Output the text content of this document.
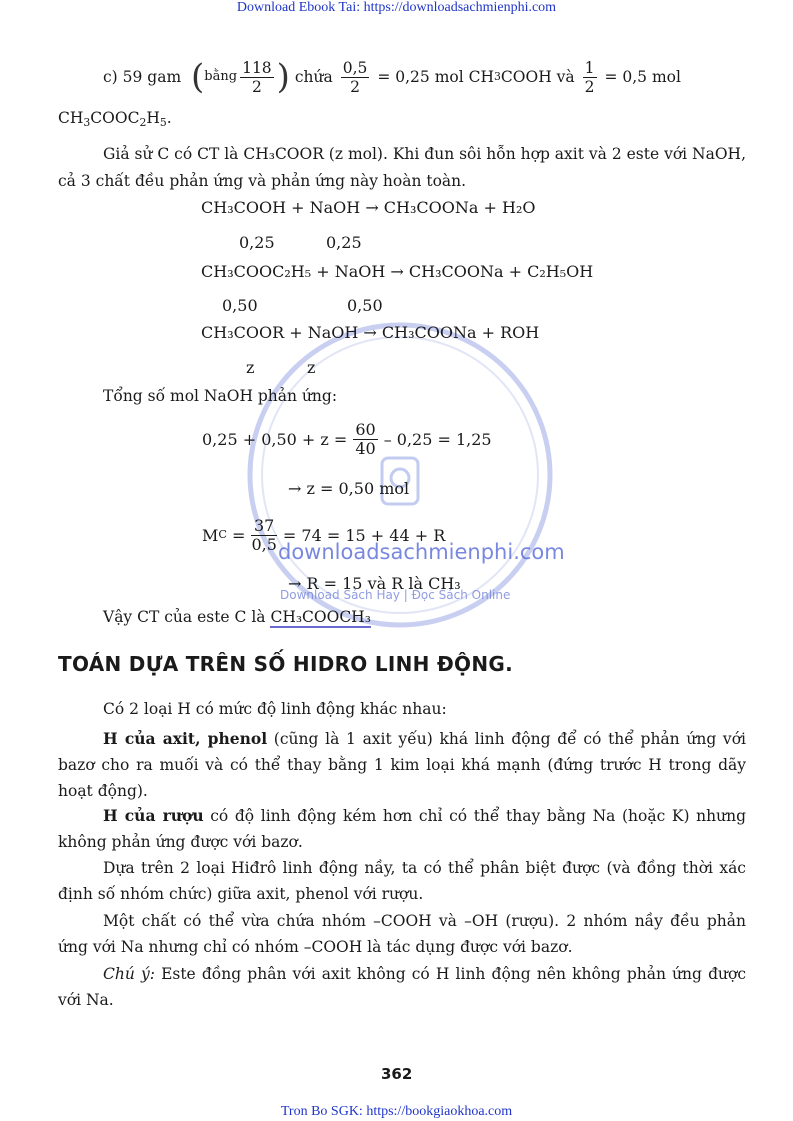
Download Ebook Tai: https://downloadsachmienphi.com
Tron Bo SGK: https://bookgiaokhoa.com
downloadsachmienphi.com
Download Sách Hay | Đọc Sách Online
c) 59 gam
( bằng $\frac{118}{2}$ )
chứa $\frac{0,5}{2}$
= 0,25 mol CH 3 COOH và $\frac{1}{2}$
= 0,5 mol
$CH_3COOC_2H_5$.
Giả sử C có CT là CH₃COOR (z mol). Khi đun sôi hỗn hợp axit và 2 este với NaOH, cả 3 chất đều phản ứng và phản ứng này hoàn toàn.
CH₃COOH + NaOH → CH₃COONa + H₂O
0,25	0,25
CH₃COOC₂H₅ + NaOH → CH₃COONa + C₂H₅OH
0,50	0,50
CH₃COOR + NaOH → CH₃COONa + ROH
z	z
Tổng số mol NaOH phản ứng:
$0,25 + 0,50 + z = \frac{60}{40} - 0,25 = 1,25$
→ z = 0,50 mol
M C
= $\frac{37}{0,5} = 74 = 15 + 44 + R$
→ R = 15 và R là CH₃
Vậy CT của este C là CH₃COOCH₃
TOÁN DỰA TRÊN SỐ HIDRO LINH ĐỘNG.
Có 2 loại H có mức độ linh động khác nhau:
H của axit, phenol (cũng là 1 axit yếu) khá linh động để có thể phản ứng với bazơ cho ra muối và có thể thay bằng 1 kim loại khá mạnh (đứng trước H trong dãy hoạt động).
H của rượu có độ linh động kém hơn chỉ có thể thay bằng Na (hoặc K) nhưng không phản ứng được với bazơ.
Dựa trên 2 loại Hiđrô linh động nầy, ta có thể phân biệt được (và đồng thời xác định số nhóm chức) giữa axit, phenol với rượu.
Một chất có thể vừa chứa nhóm –COOH và –OH (rượu). 2 nhóm nầy đều phản ứng với Na nhưng chỉ có nhóm –COOH là tác dụng được với bazơ.
Chú ý: Este đồng phân với axit không có H linh động nên không phản ứng được với Na.
362
